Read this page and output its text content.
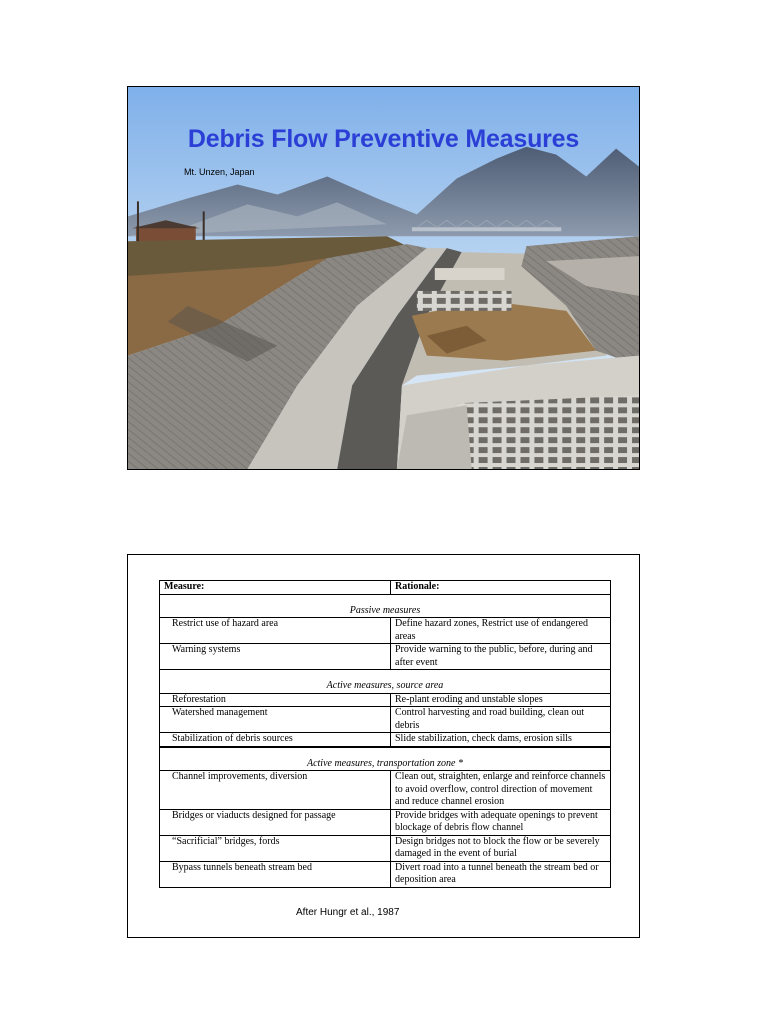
Debris Flow Preventive Measures
Mt. Unzen, Japan
Measure:	Rationale:
Passive measures	
Restrict use of hazard area	Define hazard zones, Restrict use of endangered areas
Warning systems	Provide warning to the public, before, during and after event
Active measures, source area	
Reforestation	Re-plant eroding and unstable slopes
Watershed management	Control harvesting and road building, clean out debris
Stabilization of debris sources	Slide stabilization, check dams, erosion sills
Active measures, transportation zone *	
Channel improvements, diversion	Clean out, straighten, enlarge and reinforce channels to avoid overflow, control direction of movement and reduce channel erosion
Bridges or viaducts designed for passage	Provide bridges with adequate openings to prevent blockage of debris flow channel
“Sacrificial” bridges, fords	Design bridges not to block the flow or be severely damaged in the event of burial
Bypass tunnels beneath stream bed	Divert road into a tunnel beneath the stream bed or deposition area
After Hungr et al., 1987
